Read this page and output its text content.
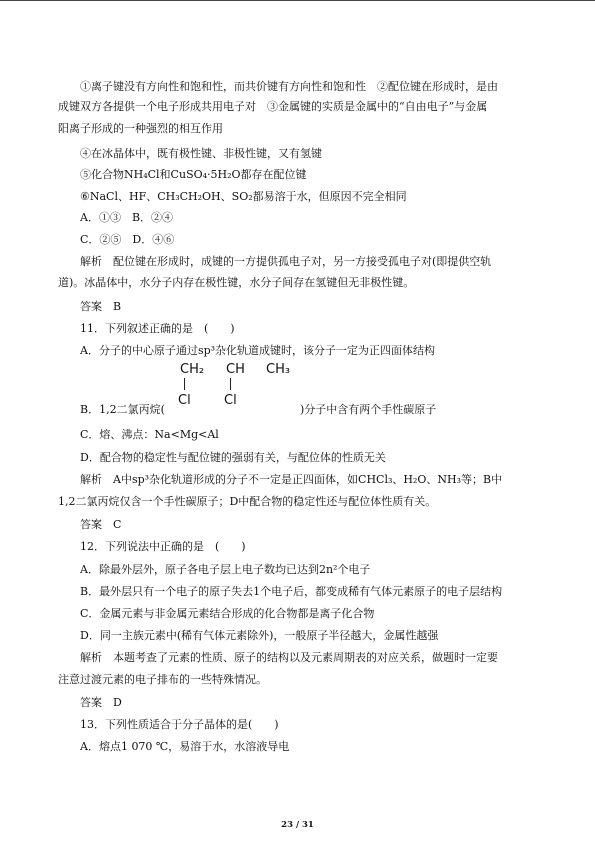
①离子键没有方向性和饱和性，而共价键有方向性和饱和性　②配位键在形成时，是由
成键双方各提供一个电子形成共用电子对　③金属键的实质是金属中的“自由电子”与金属
阳离子形成的一种强烈的相互作用
④在冰晶体中，既有极性键、非极性键，又有氢键
⑤化合物NH₄Cl和CuSO₄·5H₂O都存在配位键
⑥NaCl、HF、CH₃CH₂OH、SO₂都易溶于水，但原因不完全相同
A．①③　B．②④
C．②⑤　D．④⑥
解析　配位键在形成时，成键的一方提供孤电子对，另一方接受孤电子对(即提供空轨
道)。冰晶体中，水分子内存在极性键，水分子间存在氢键但无非极性键。
答案　B
11．下列叙述正确的是　(　　)
A．分子的中心原子通过sp³杂化轨道成键时，该分子一定为正四面体结构
CH₂ CH CH₃
Cl	Cl
B．1,2二氯丙烷(	)分子中含有两个手性碳原子
C．熔、沸点：Na<Mg<Al
D．配合物的稳定性与配位键的强弱有关，与配位体的性质无关
解析　A中sp³杂化轨道形成的分子不一定是正四面体，如CHCl₃、H₂O、NH₃等；B中
1,2二氯丙烷仅含一个手性碳原子；D中配合物的稳定性还与配位体性质有关。
答案　C
12．下列说法中正确的是　(　　)
A．除最外层外，原子各电子层上电子数均已达到2n²个电子
B．最外层只有一个电子的原子失去1个电子后，都变成稀有气体元素原子的电子层结构
C．金属元素与非金属元素结合形成的化合物都是离子化合物
D．同一主族元素中(稀有气体元素除外)，一般原子半径越大，金属性越强
解析　本题考查了元素的性质、原子的结构以及元素周期表的对应关系，做题时一定要
注意过渡元素的电子排布的一些特殊情况。
答案　D
13．下列性质适合于分子晶体的是(　　)
A．熔点1 070 ℃，易溶于水，水溶液导电
23 / 31
